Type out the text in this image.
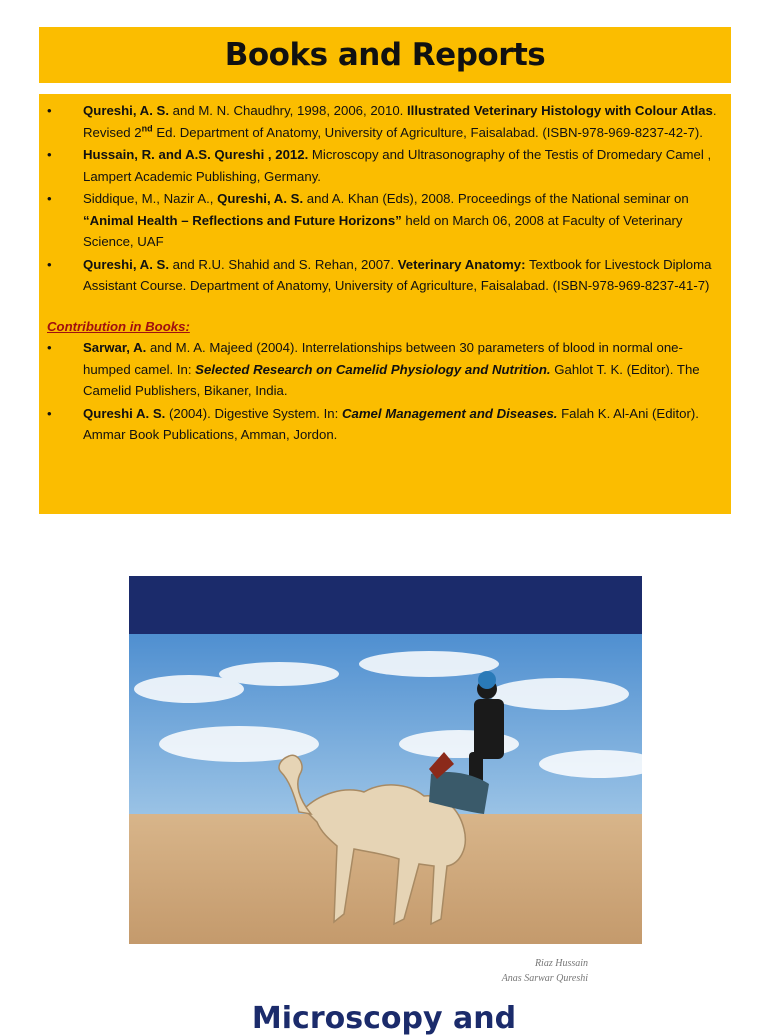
Books and Reports
• Qureshi, A. S. and M. N. Chaudhry, 1998, 2006, 2010. Illustrated Veterinary Histology with Colour Atlas. Revised 2nd Ed. Department of Anatomy, University of Agriculture, Faisalabad. (ISBN-978-969-8237-42-7).
• Hussain, R. and A.S. Qureshi , 2012. Microscopy and Ultrasonography of the Testis of Dromedary Camel , Lampert Academic Publishing, Germany.
• Siddique, M., Nazir A., Qureshi, A. S. and A. Khan (Eds), 2008. Proceedings of the National seminar on “Animal Health – Reflections and Future Horizons” held on March 06, 2008 at Faculty of Veterinary Science, UAF
• Qureshi, A. S. and R.U. Shahid and S. Rehan, 2007. Veterinary Anatomy: Textbook for Livestock Diploma Assistant Course. Department of Anatomy, University of Agriculture, Faisalabad. (ISBN-978-969-8237-41-7)
Contribution in Books:
• Sarwar, A. and M. A. Majeed (2004). Interrelationships between 30 parameters of blood in normal one-humped camel. In: Selected Research on Camelid Physiology and Nutrition. Gahlot T. K. (Editor). The Camelid Publishers, Bikaner, India.
• Qureshi A. S. (2004). Digestive System. In: Camel Management and Diseases. Falah K. Al-Ani (Editor). Ammar Book Publications, Amman, Jordon.
Riaz Hussain
Anas Sarwar Qureshi
Microscopy and
